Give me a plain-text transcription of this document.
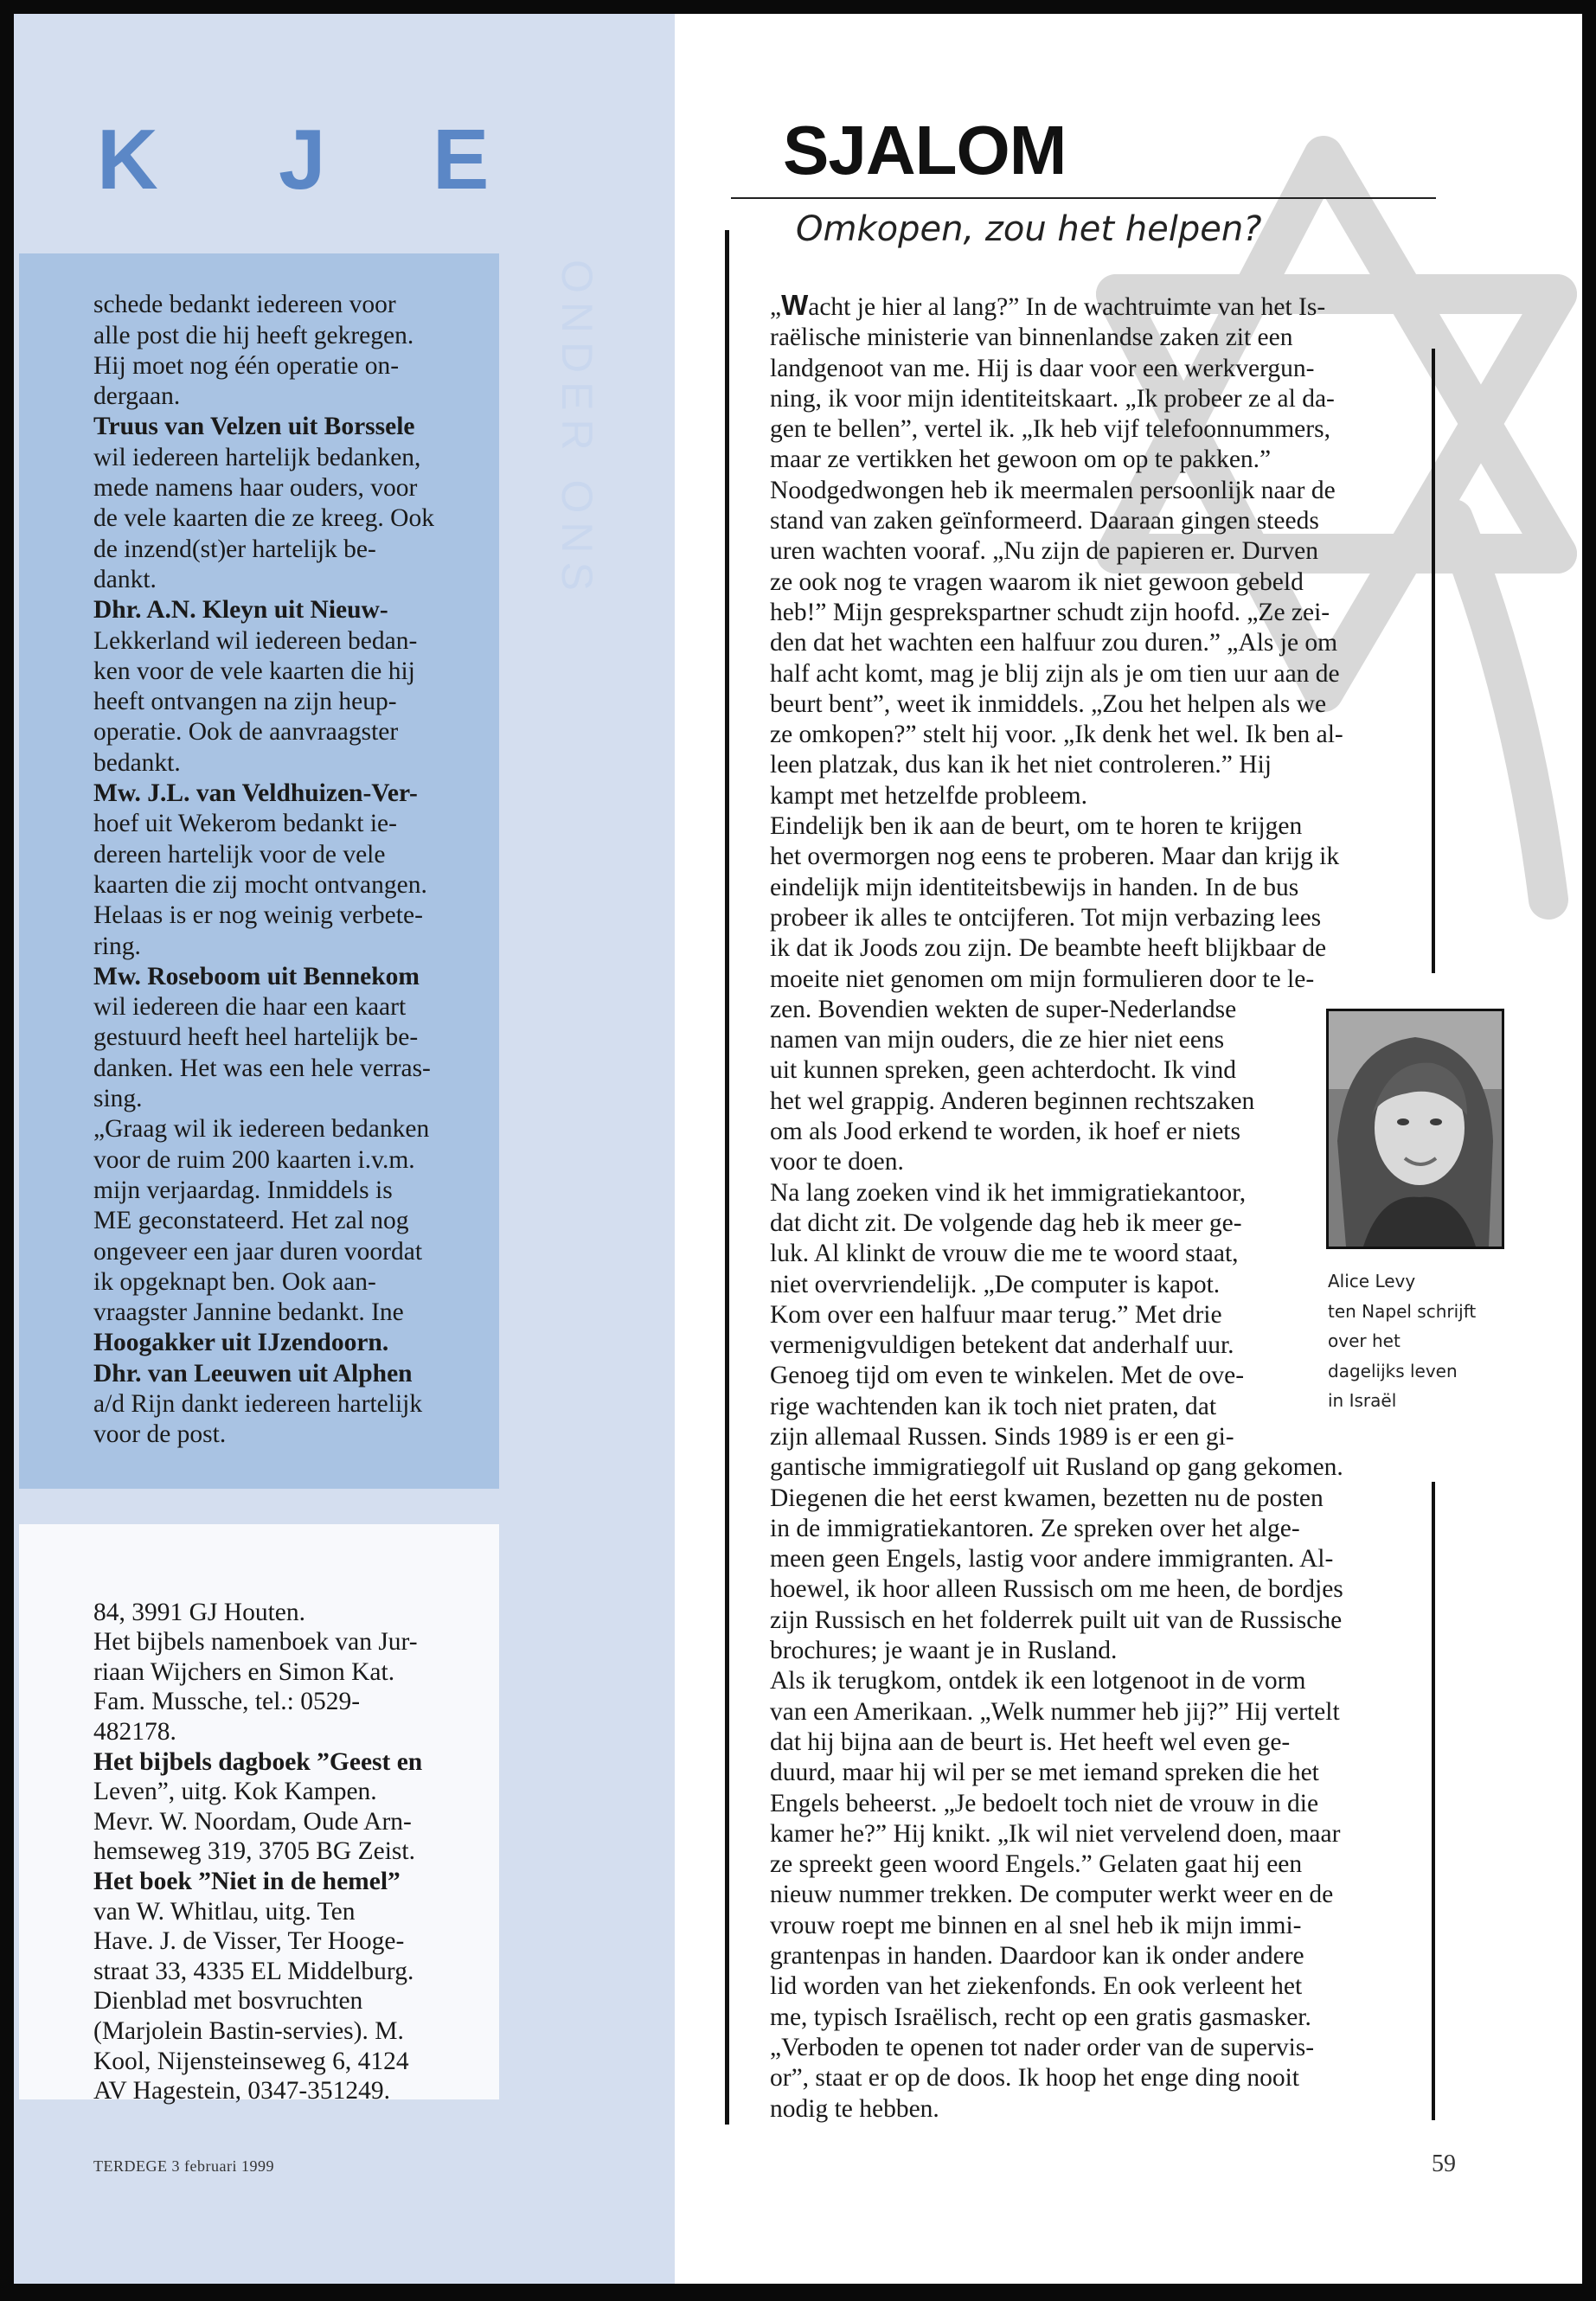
K J E

schede bedankt iedereen voor
alle post die hij heeft gekregen.
Hij moet nog één operatie on-
dergaan.
Truus van Velzen uit Borssele
wil iedereen hartelijk bedanken,
mede namens haar ouders, voor
de vele kaarten die ze kreeg. Ook
de inzend(st)er hartelijk be-
dankt.
Dhr. A.N. Kleyn uit Nieuw-
Lekkerland wil iedereen bedan-
ken voor de vele kaarten die hij
heeft ontvangen na zijn heup-
operatie. Ook de aanvraagster
bedankt.
Mw. J.L. van Veldhuizen-Ver-
hoef uit Wekerom bedankt ie-
dereen hartelijk voor de vele
kaarten die zij mocht ontvangen.
Helaas is er nog weinig verbete-
ring.
Mw. Roseboom uit Bennekom
wil iedereen die haar een kaart
gestuurd heeft heel hartelijk be-
danken. Het was een hele verras-
sing.
„Graag wil ik iedereen bedanken
voor de ruim 200 kaarten i.v.m.
mijn verjaardag. Inmiddels is
ME geconstateerd. Het zal nog
ongeveer een jaar duren voordat
ik opgeknapt ben. Ook aan-
vraagster Jannine bedankt. Ine
Hoogakker uit IJzendoorn.
Dhr. van Leeuwen uit Alphen
a/d Rijn dankt iedereen hartelijk
voor de post.
ONDER ONS

84, 3991 GJ Houten.
Het bijbels namenboek van Jur-
riaan Wijchers en Simon Kat.
Fam. Mussche, tel.: 0529-
482178.
Het bijbels dagboek ”Geest en
Leven”, uitg. Kok Kampen.
Mevr. W. Noordam, Oude Arn-
hemseweg 319, 3705 BG Zeist.
Het boek ”Niet in de hemel”
van W. Whitlau, uitg. Ten
Have. J. de Visser, Ter Hooge-
straat 33, 4335 EL Middelburg.
Dienblad met bosvruchten
(Marjolein Bastin-servies). M.
Kool, Nijensteinseweg 6, 4124
AV Hagestein, 0347-351249.
TERDEGE 3 februari 1999
SJALOM
Omkopen, zou het helpen?
„Wacht je hier al lang?” In de wachtruimte van het Is-
raëlische ministerie van binnenlandse zaken zit een
landgenoot van me. Hij is daar voor een werkvergun-
ning, ik voor mijn identiteitskaart. „Ik probeer ze al da-
gen te bellen”, vertel ik. „Ik heb vijf telefoonnummers,
maar ze vertikken het gewoon om op te pakken.”
Noodgedwongen heb ik meermalen persoonlijk naar de
stand van zaken geïnformeerd. Daaraan gingen steeds
uren wachten vooraf. „Nu zijn de papieren er. Durven
ze ook nog te vragen waarom ik niet gewoon gebeld
heb!” Mijn gesprekspartner schudt zijn hoofd. „Ze zei-
den dat het wachten een halfuur zou duren.” „Als je om
half acht komt, mag je blij zijn als je om tien uur aan de
beurt bent”, weet ik inmiddels. „Zou het helpen als we
ze omkopen?” stelt hij voor. „Ik denk het wel. Ik ben al-
leen platzak, dus kan ik het niet controleren.” Hij
kampt met hetzelfde probleem.
Eindelijk ben ik aan de beurt, om te horen te krijgen
het overmorgen nog eens te proberen. Maar dan krijg ik
eindelijk mijn identiteitsbewijs in handen. In de bus
probeer ik alles te ontcijferen. Tot mijn verbazing lees
ik dat ik Joods zou zijn. De beambte heeft blijkbaar de
moeite niet genomen om mijn formulieren door te le-
zen. Bovendien wekten de super-Nederlandse
namen van mijn ouders, die ze hier niet eens
uit kunnen spreken, geen achterdocht. Ik vind
het wel grappig. Anderen beginnen rechtszaken
om als Jood erkend te worden, ik hoef er niets
voor te doen.
Na lang zoeken vind ik het immigratiekantoor,
dat dicht zit. De volgende dag heb ik meer ge-
luk. Al klinkt de vrouw die me te woord staat,
niet overvriendelijk. „De computer is kapot.
Kom over een halfuur maar terug.” Met drie
vermenigvuldigen betekent dat anderhalf uur.
Genoeg tijd om even te winkelen. Met de ove-
rige wachtenden kan ik toch niet praten, dat
zijn allemaal Russen. Sinds 1989 is er een gi-
gantische immigratiegolf uit Rusland op gang gekomen.
Diegenen die het eerst kwamen, bezetten nu de posten
in de immigratiekantoren. Ze spreken over het alge-
meen geen Engels, lastig voor andere immigranten. Al-
hoewel, ik hoor alleen Russisch om me heen, de bordjes
zijn Russisch en het folderrek puilt uit van de Russische
brochures; je waant je in Rusland.
Als ik terugkom, ontdek ik een lotgenoot in de vorm
van een Amerikaan. „Welk nummer heb jij?” Hij vertelt
dat hij bijna aan de beurt is. Het heeft wel even ge-
duurd, maar hij wil per se met iemand spreken die het
Engels beheerst. „Je bedoelt toch niet de vrouw in die
kamer he?” Hij knikt. „Ik wil niet vervelend doen, maar
ze spreekt geen woord Engels.” Gelaten gaat hij een
nieuw nummer trekken. De computer werkt weer en de
vrouw roept me binnen en al snel heb ik mijn immi-
grantenpas in handen. Daardoor kan ik onder andere
lid worden van het ziekenfonds. En ook verleent het
me, typisch Israëlisch, recht op een gratis gasmasker.
„Verboden te openen tot nader order van de supervis-
or”, staat er op de doos. Ik hoop het enge ding nooit
nodig te hebben.
Alice Levy
ten Napel schrijft
over het
dagelijks leven
in Israël
59
